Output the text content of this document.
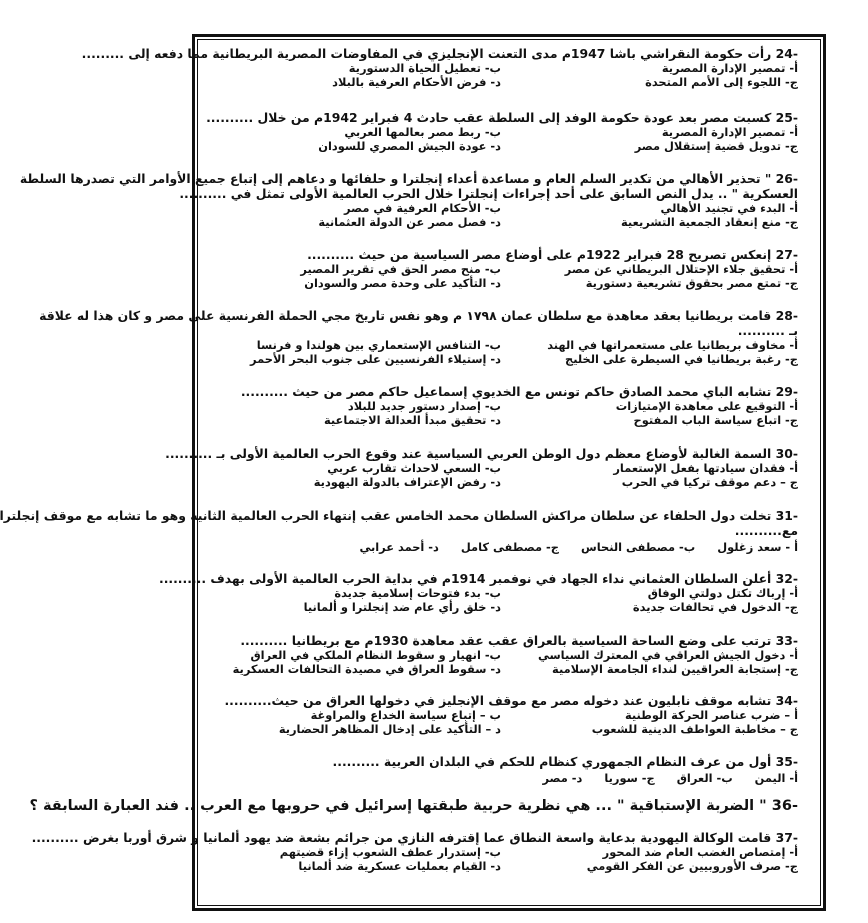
24- رأت حكومة النقراشي باشا 1947م مدى التعنت الإنجليزي في المفاوضات المصرية البريطانية مما دفعه إلى .........
أ- تمصير الإدارة المصرية
ب- تعطيل الحياة الدستورية
ج- اللجوء إلى الأمم المتحدة
د- فرض الأحكام العرفية بالبلاد
25- كسبت مصر بعد عودة حكومة الوفد إلى السلطة عقب حادث 4 فبراير 1942م من خلال ..........
أ- تمصير الإدارة المصرية
ب- ربط مصر بعالمها العربي
ج- تدويل قضية إستقلال مصر
د- عودة الجيش المصري للسودان
26- " تحذير الأهالي من تكدير السلم العام و مساعدة أعداء إنجلترا و حلفائها و دعاهم إلى إتباع جميع الأوامر التي تصدرها السلطة
العسكرية " .. يدل النص السابق على أحد إجراءات إنجلترا خلال الحرب العالمية الأولى تمثل في ..........
أ- البدء في تجنيد الأهالي
ب- الأحكام العرفية في مصر
ج- منع إنعقاد الجمعية التشريعية
د- فصل مصر عن الدولة العثمانية
27- إنعكس تصريح 28 فبراير 1922م على أوضاع مصر السياسية من حيث ..........
أ- تحقيق جلاء الإحتلال البريطاني عن مصر
ب- منح مصر الحق في تقرير المصير
ج- تمتع مصر بحقوق تشريعية دستورية
د- التأكيد على وحدة مصر والسودان
28- قامت بريطانيا بعقد معاهدة مع سلطان عمان ١٧٩٨ م وهو نفس تاريخ مجي الحملة الفرنسية علي مصر و كان هذا له علاقة
بـ ..........
أ- مخاوف بريطانيا على مستعمراتها في الهند
ب- التنافس الإستعماري بين هولندا و فرنسا
ج- رغبة بريطانيا في السيطرة على الخليج
د- إستيلاء الفرنسيين على جنوب البحر الأحمر
29- تشابه الباي محمد الصادق حاكم تونس مع الخديوي إسماعيل حاكم مصر من حيث ..........
أ- التوقيع على معاهدة الإمتيازات
ب- إصدار دستور جديد للبلاد
ج- اتباع سياسة الباب المفتوح
د- تحقيق مبدأ العدالة الاجتماعية
30- السمة الغالبة لأوضاع معظم دول الوطن العربي السياسية عند وقوع الحرب العالمية الأولى بـ ..........
أ- فقدان سيادتها بفعل الإستعمار
ب- السعي لاحداث تقارب عربي
ج – دعم موقف تركيا في الحرب
د- رفض الإعتراف بالدولة اليهودية
31- تخلت دول الحلفاء عن سلطان مراكش السلطان محمد الخامس عقب إنتهاء الحرب العالمية الثانية وهو ما تشابه مع موقف إنجلترا
مع..........
أ - سعد زغلول
ب- مصطفى النحاس
ج- مصطفى كامل
د- أحمد عرابي
32- أعلن السلطان العثماني نداء الجهاد في نوفمبر 1914م في بداية الحرب العالمية الأولى بهدف ..........
أ- إرباك تكتل دولتي الوفاق
ب- بدء فتوحات إسلامية جديدة
ج- الدخول في تحالفات جديدة
د- خلق رأي عام ضد إنجلترا و ألمانيا
33- ترتب على وضع الساحة السياسية بالعراق عقب عقد معاهدة 1930م مع بريطانيا ..........
أ- دخول الجيش العراقي في المعترك السياسي
ب- انهيار و سقوط النظام الملكي في العراق
ج- إستجابة العراقيين لنداء الجامعة الإسلامية
د- سقوط العراق في مصيدة التحالفات العسكرية
34- تشابه موقف نابليون عند دخوله مصر مع موقف الإنجليز في دخولها العراق من حيث..........
أ – ضرب عناصر الحركة الوطنية
ب – إتباع سياسة الخداع والمراوغة
ج – مخاطبة العواطف الدينية للشعوب
د – التأكيد على إدخال المظاهر الحضارية
35- أول من عرف النظام الجمهوري كنظام للحكم في البلدان العربية ..........
أ- اليمن
ب- العراق
ج- سوريا
د- مصر
36- " الضربة الإستباقية " ... هي نظرية حربية طبقتها إسرائيل في حروبها مع العرب .. فند العبارة السابقة ؟
37- قامت الوكالة اليهودية بدعاية واسعة النطاق عما إقترفه النازي من جرائم بشعة ضد يهود ألمانيا و شرق أوربا بغرض ..........
أ- إمتصاص الغضب العام ضد المحور
ب- إستدرار عطف الشعوب إزاء قضيتهم
ج- صرف الأوروبيين عن الفكر القومي
د- القيام بعمليات عسكرية ضد ألمانيا
